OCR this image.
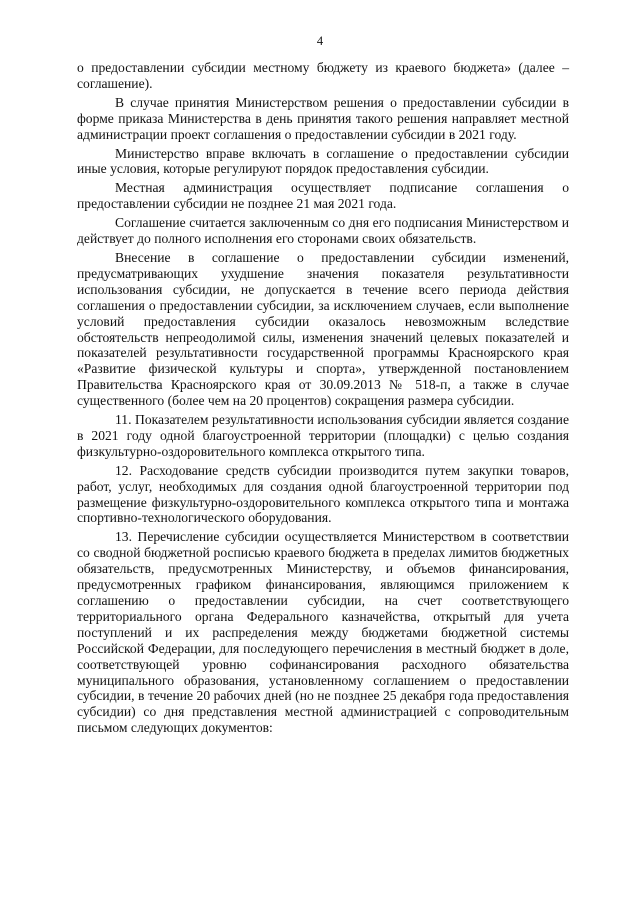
4

о предоставлении субсидии местному бюджету из краевого бюджета» (далее – соглашение).

В случае принятия Министерством решения о предоставлении субсидии в форме приказа Министерства в день принятия такого решения направляет местной администрации проект соглашения о предоставлении субсидии в 2021 году.

Министерство вправе включать в соглашение о предоставлении субсидии иные условия, которые регулируют порядок предоставления субсидии.

Местная администрация осуществляет подписание соглашения о предоставлении субсидии не позднее 21 мая 2021 года.

Соглашение считается заключенным со дня его подписания Министерством и действует до полного исполнения его сторонами своих обязательств.

Внесение в соглашение о предоставлении субсидии изменений, предусматривающих ухудшение значения показателя результативности использования субсидии, не допускается в течение всего периода действия соглашения о предоставлении субсидии, за исключением случаев, если выполнение условий предоставления субсидии оказалось невозможным вследствие обстоятельств непреодолимой силы, изменения значений целевых показателей и показателей результативности государственной программы Красноярского края «Развитие физической культуры и спорта», утвержденной постановлением Правительства Красноярского края от 30.09.2013 № 518-п, а также в случае существенного (более чем на 20 процентов) сокращения размера субсидии.

11. Показателем результативности использования субсидии является создание в 2021 году одной благоустроенной территории (площадки) с целью создания физкультурно-оздоровительного комплекса открытого типа.

12. Расходование средств субсидии производится путем закупки товаров, работ, услуг, необходимых для создания одной благоустроенной территории под размещение физкультурно-оздоровительного комплекса открытого типа и монтажа спортивно-технологического оборудования.

13. Перечисление субсидии осуществляется Министерством в соответствии со сводной бюджетной росписью краевого бюджета в пределах лимитов бюджетных обязательств, предусмотренных Министерству, и объемов финансирования, предусмотренных графиком финансирования, являющимся приложением к соглашению о предоставлении субсидии, на счет соответствующего территориального органа Федерального казначейства, открытый для учета поступлений и их распределения между бюджетами бюджетной системы Российской Федерации, для последующего перечисления в местный бюджет в доле, соответствующей уровню софинансирования расходного обязательства муниципального образования, установленному соглашением о предоставлении субсидии, в течение 20 рабочих дней (но не позднее 25 декабря года предоставления субсидии) со дня представления местной администрацией с сопроводительным письмом следующих документов:
